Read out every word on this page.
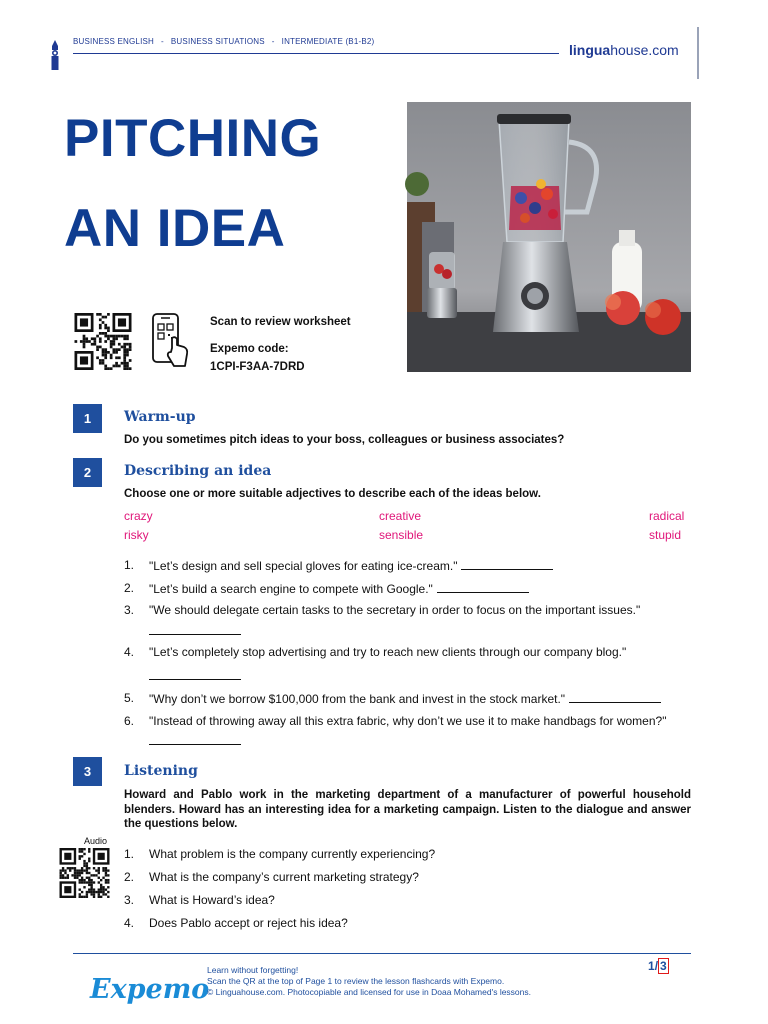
BUSINESS ENGLISH - BUSINESS SITUATIONS - INTERMEDIATE (B1-B2)
linguahouse.com
PITCHING
AN IDEA
Scan to review worksheet
Expemo code:
1CPI-F3AA-7DRD
1	Warm-up
Do you sometimes pitch ideas to your boss, colleagues or business associates?
2	Describing an idea
Choose one or more suitable adjectives to describe each of the ideas below.
crazy	creative	radical
risky	sensible	stupid
1. "Let’s design and sell special gloves for eating ice-cream."
2. "Let’s build a search engine to compete with Google."
3. "We should delegate certain tasks to the secretary in order to focus on the important issues."
4. "Let’s completely stop advertising and try to reach new clients through our company blog."
5. "Why don’t we borrow $100,000 from the bank and invest in the stock market."
6. "Instead of throwing away all this extra fabric, why don’t we use it to make handbags for women?"
3	Listening
Howard and Pablo work in the marketing department of a manufacturer of powerful household blenders. Howard has an interesting idea for a marketing campaign. Listen to the dialogue and answer the questions below.
Audio
1. What problem is the company currently experiencing?
2. What is the company’s current marketing strategy?
3. What is Howard’s idea?
4. Does Pablo accept or reject his idea?
Expemo
Learn without forgetting!
Scan the QR at the top of Page 1 to review the lesson flashcards with Expemo.
© Linguahouse.com. Photocopiable and licensed for use in Doaa Mohamed's lessons.
1/ 3
